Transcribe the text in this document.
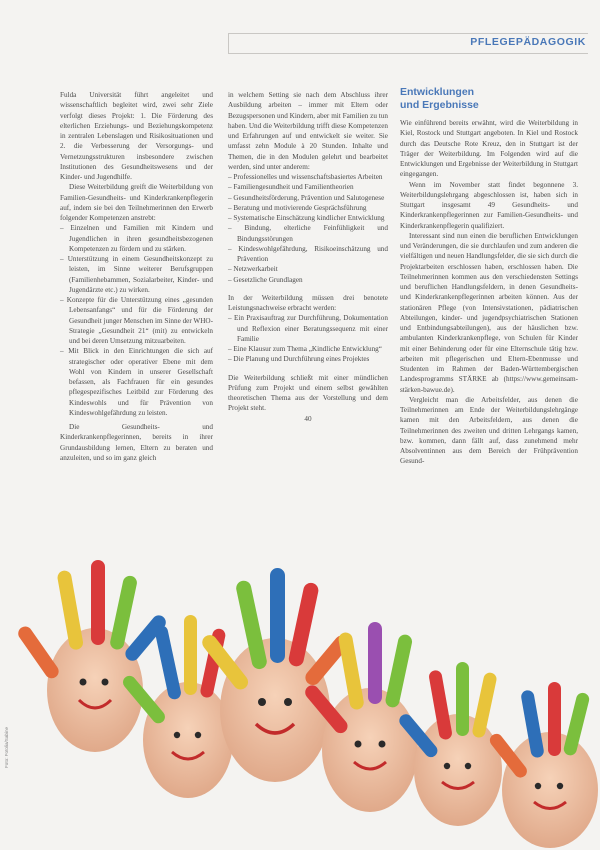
PFLEGEPÄDAGOGIK

Fulda Universität führt angeleitet und wissenschaftlich begleitet wird, zwei sehr Ziele verfolgt dieses Projekt: 1. Die Förderung des elterlichen Erziehungs- und Beziehungskompetenz in zentralen Lebenslagen und Risikosituationen und 2. die Verbesserung der Versorgungs- und Vernetzungsstrukturen insbesondere zwischen Institutionen des Gesundheitswesens und der Kinder- und Jugendhilfe.

Diese Weiterbildung greift die Weiterbildung von Familien-Gesundheits- und Kinderkrankenpflegerin auf, indem sie bei den Teilnehmerinnen den Erwerb folgender Kompetenzen anstrebt:

– Einzelnen und Familien mit Kindern und Jugendlichen in ihren gesundheitsbezogenen Kompetenzen zu fördern und zu stärken.
– Unterstützung in einem Gesundheitskonzept zu leisten, im Sinne weiterer Berufsgruppen (Familienhebammen, Sozialarbeiter, Kinder- und Jugendärzte etc.) zu wirken.
– Konzepte für die Unterstützung eines „gesunden Lebensanfangs“ und für die Förderung der Gesundheit junger Menschen im Sinne der WHO-Strategie „Gesundheit 21“ (mit) zu entwickeln und bei deren Umsetzung mitzuarbeiten.
– Mit Blick in den Einrichtungen die sich auf strategischer oder operativer Ebene mit dem Wohl von Kindern in unserer Gesellschaft befassen, als Fachfrauen für ein gesundes pflegespezifisches Leitbild zur Förderung des Kindeswohls und für Prävention von Kindeswohlgefährdung zu leisten.

Die Gesundheits- und Kinderkrankenpflegerinnen, bereits in ihrer Grundausbildung lernen, Eltern zu beraten und anzuleiten, und so im ganz gleich

in welchem Setting sie nach dem Abschluss ihrer Ausbildung arbeiten – immer mit Eltern oder Bezugspersonen und Kindern, aber mit Familien zu tun haben. Und die Weiterbildung trifft diese Kompetenzen und Erfahrungen auf und entwickelt sie weiter. Sie umfasst zehn Module à 20 Stunden. Inhalte und Themen, die in den Modulen gelehrt und bearbeitet werden, sind unter anderem:

– Professionelles und wissenschaftsbasiertes Arbeiten
– Familiengesundheit und Familientheorien
– Gesundheitsförderung, Prävention und Salutogenese
– Beratung und motivierende Gesprächsführung
– Systematische Einschätzung kindlicher Entwicklung
– Bindung, elterliche Feinfühligkeit und Bindungsstörungen
– Kindeswohlgefährdung, Risikoeinschätzung und Prävention
– Netzwerkarbeit
– Gesetzliche Grundlagen

In der Weiterbildung müssen drei benotete Leistungsnachweise erbracht werden:

– Ein Praxisauftrag zur Durchführung, Dokumentation und Reflexion einer Beratungssequenz mit einer Familie
– Eine Klausur zum Thema „Kindliche Entwicklung“
– Die Planung und Durchführung eines Projektes

Die Weiterbildung schließt mit einer mündlichen Prüfung zum Projekt und einem selbst gewählten theoretischen Thema aus der Vorstellung und dem Projekt steht.

40

Entwicklungen
und Ergebnisse

Wie einführend bereits erwähnt, wird die Weiterbildung in Kiel, Rostock und Stuttgart angeboten. In Kiel und Rostock durch das Deutsche Rote Kreuz, den in Stuttgart ist der Träger der Weiterbildung. Im Folgenden wird auf die Entwicklungen und Ergebnisse der Weiterbildung in Stuttgart eingegangen.

Wenn im November statt findet begonnene 3. Weiterbildungslehrgang abgeschlossen ist, haben sich in Stuttgart insgesamt 49 Gesundheits- und Kinderkrankenpflegerinnen zur Familien-Gesundheits- und Kinderkrankenpflegerin qualifiziert.

Interessant sind nun einen die beruflichen Entwicklungen und Veränderungen, die sie durchlaufen und zum anderen die vielfältigen und neuen Handlungsfelder, die sie sich durch die Projektarbeiten erschlossen haben, erschlossen haben. Die Teilnehmerinnen kommen aus den verschiedensten Settings und beruflichen Handlungsfeldern, in denen Gesundheits- und Kinderkrankenpflegerinnen arbeiten können. Aus der stationären Pflege (von Intensivstationen, pädiatrischen Abteilungen, kinder- und jugendpsychiatrischen Stationen und Entbindungsabteilungen), aus der häuslichen bzw. ambulanten Kinderkrankenpflege, von Schulen für Kinder mit einer Behinderung oder für eine Elternschule tätig bzw. arbeiten mit pflegerischen und Eltern-Ebenmusse und Studenten im Rahmen der Baden-Württembergischen Landesprogramms STÄRKE ab (https://www.gemeinsam-stärken-bawue.de).

Vergleicht man die Arbeitsfelder, aus denen die Teilnehmerinnen am Ende der Weiterbildungslehrgänge kamen mit den Arbeitsfeldern, aus denen die Teilnehmerinnen des zweiten und dritten Lehrgangs kamen, bzw. kommen, dann fällt auf, dass zunehmend mehr Absolventinnen aus dem Bereich der Frühprävention Gesund-

Foto: Fotolia/Sabine
